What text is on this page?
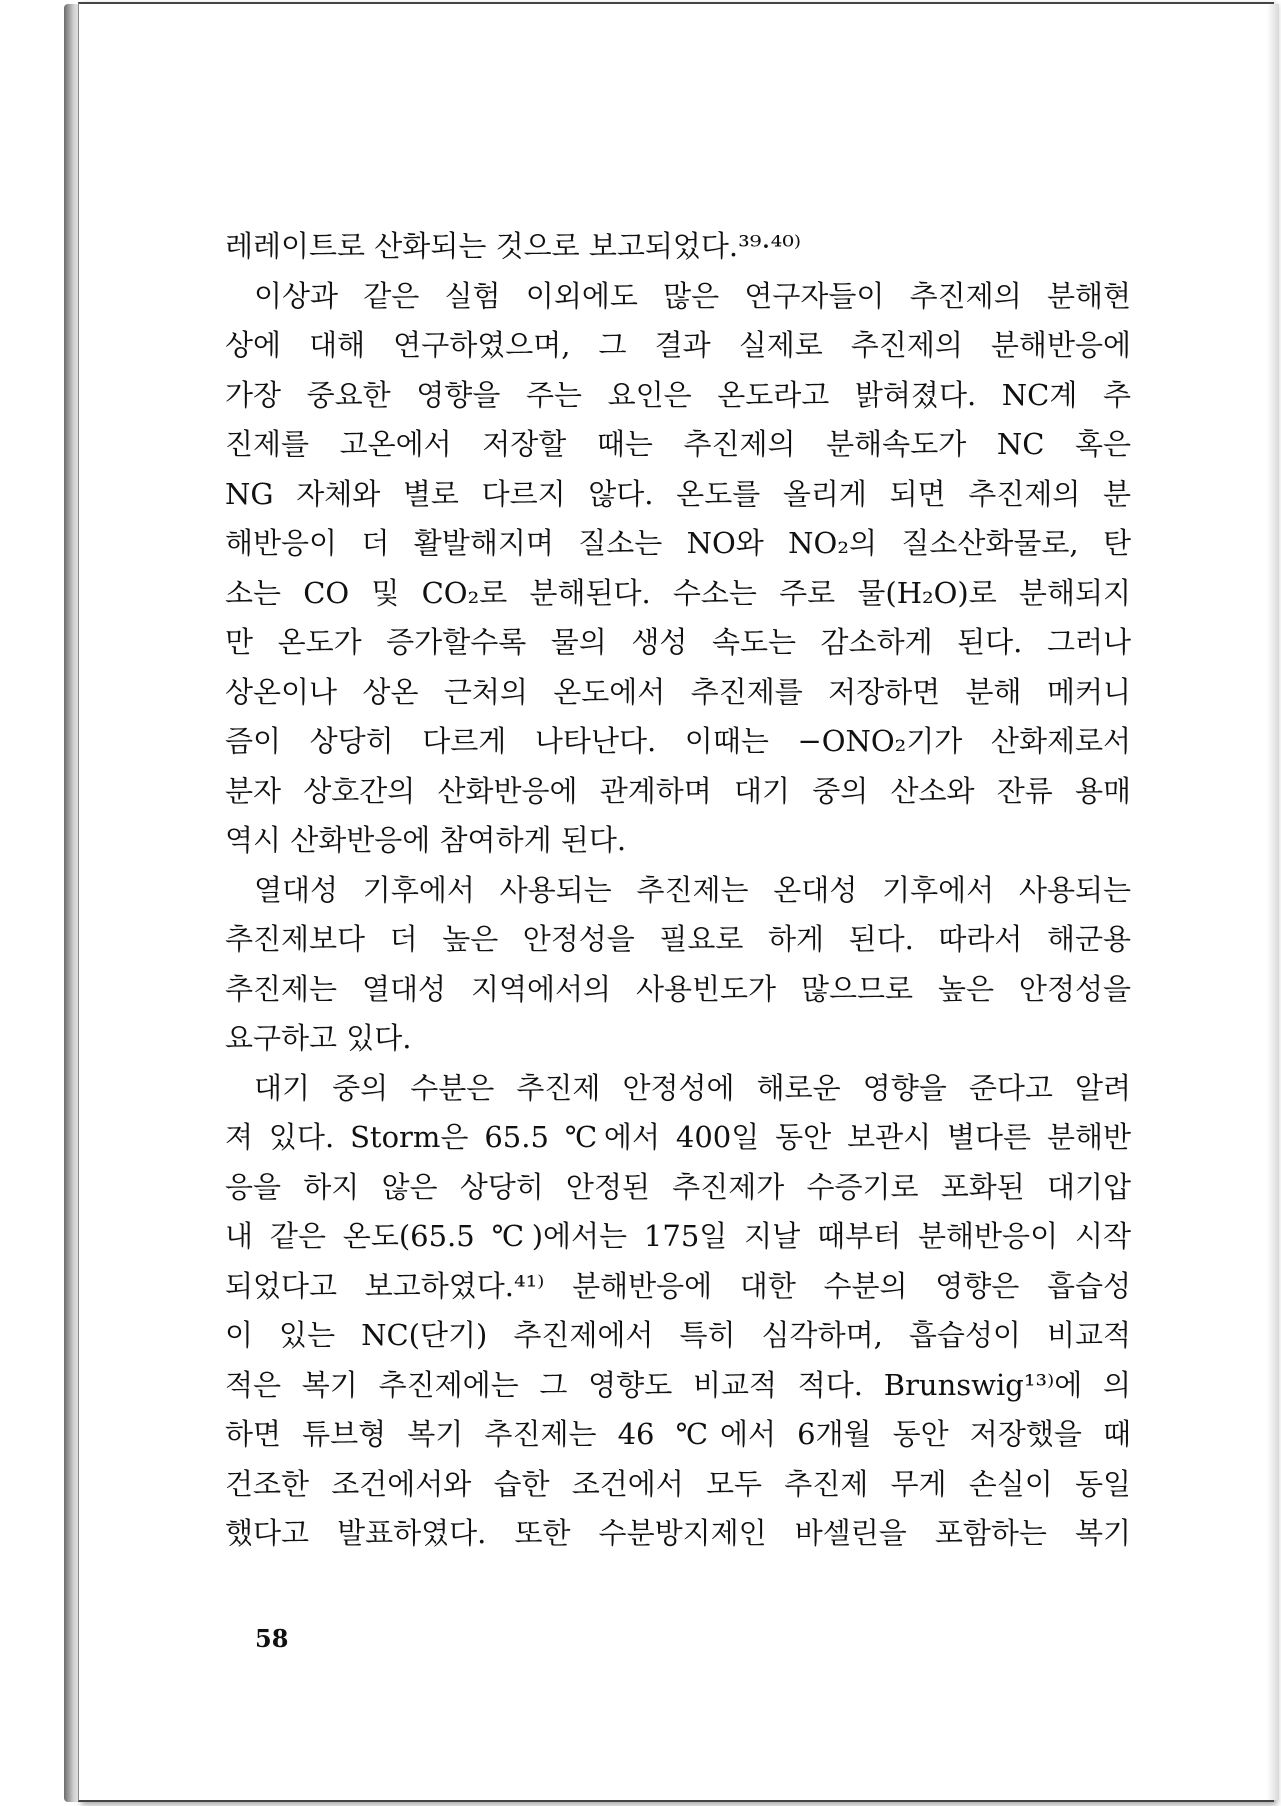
레레이트로 산화되는 것으로 보고되었다.³⁹·⁴⁰⁾
이상과 같은 실험 이외에도 많은 연구자들이 추진제의 분해현
상에 대해 연구하였으며, 그 결과 실제로 추진제의 분해반응에
가장 중요한 영향을 주는 요인은 온도라고 밝혀졌다. NC계 추
진제를 고온에서 저장할 때는 추진제의 분해속도가 NC 혹은
NG 자체와 별로 다르지 않다. 온도를 올리게 되면 추진제의 분
해반응이 더 활발해지며 질소는 NO와 NO₂의 질소산화물로, 탄
소는 CO 및 CO₂로 분해된다. 수소는 주로 물(H₂O)로 분해되지
만 온도가 증가할수록 물의 생성 속도는 감소하게 된다. 그러나
상온이나 상온 근처의 온도에서 추진제를 저장하면 분해 메커니
즘이 상당히 다르게 나타난다. 이때는 −ONO₂기가 산화제로서
분자 상호간의 산화반응에 관계하며 대기 중의 산소와 잔류 용매
역시 산화반응에 참여하게 된다.
열대성 기후에서 사용되는 추진제는 온대성 기후에서 사용되는
추진제보다 더 높은 안정성을 필요로 하게 된다. 따라서 해군용
추진제는 열대성 지역에서의 사용빈도가 많으므로 높은 안정성을
요구하고 있다.
대기 중의 수분은 추진제 안정성에 해로운 영향을 준다고 알려
져 있다. Storm은 65.5 ℃에서 400일 동안 보관시 별다른 분해반
응을 하지 않은 상당히 안정된 추진제가 수증기로 포화된 대기압
내 같은 온도(65.5 ℃)에서는 175일 지날 때부터 분해반응이 시작
되었다고 보고하였다.⁴¹⁾ 분해반응에 대한 수분의 영향은 흡습성
이 있는 NC(단기) 추진제에서 특히 심각하며, 흡습성이 비교적
적은 복기 추진제에는 그 영향도 비교적 적다. Brunswig¹³⁾에 의
하면 튜브형 복기 추진제는 46 ℃에서 6개월 동안 저장했을 때
건조한 조건에서와 습한 조건에서 모두 추진제 무게 손실이 동일
했다고 발표하였다. 또한 수분방지제인 바셀린을 포함하는 복기
58
